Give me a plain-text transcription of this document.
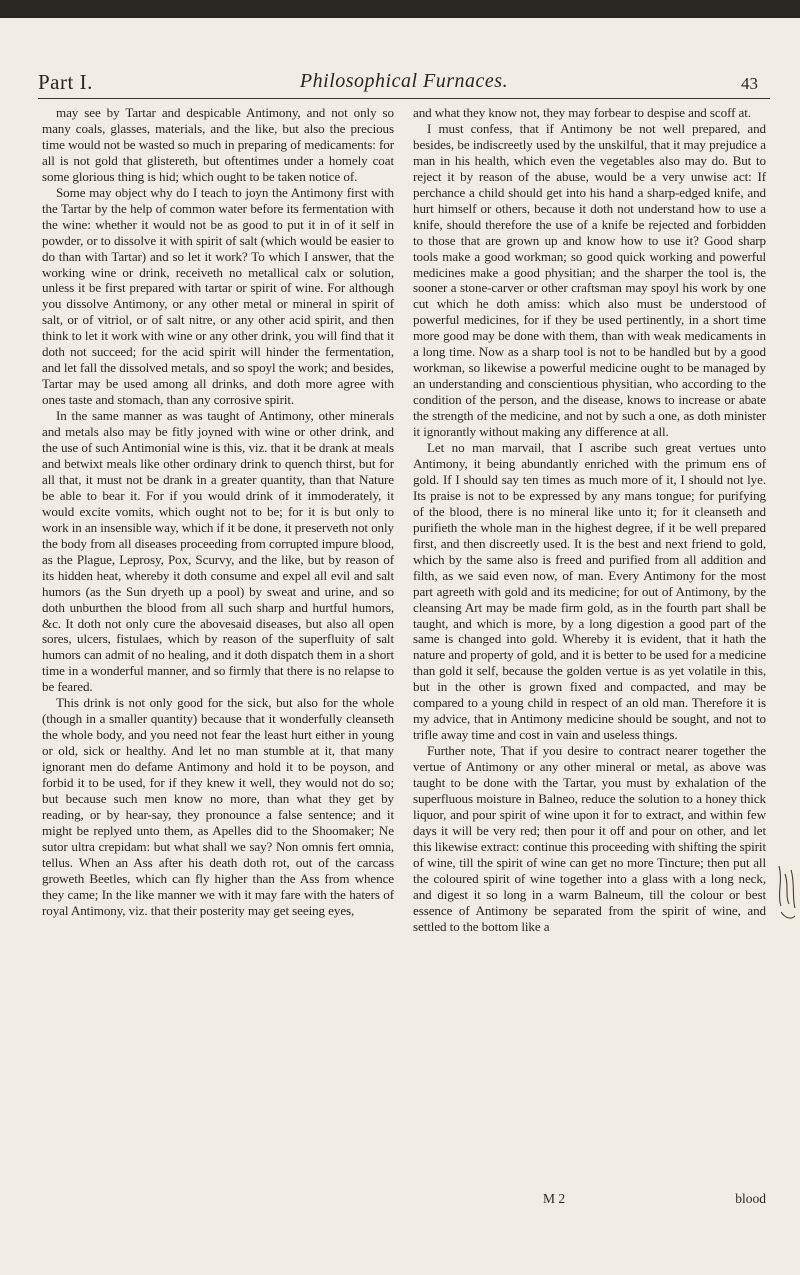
Part I.	Philosophical Furnaces.	43

may see by Tartar and despicable Antimony, and not only so many coals, glasses, materials, and the like, but also the precious time would not be wasted so much in preparing of medicaments: for all is not gold that glistereth, but oftentimes under a homely coat some glorious thing is hid; which ought to be taken notice of.

Some may object why do I teach to joyn the Antimony first with the Tartar by the help of common water before its fermentation with the wine: whether it would not be as good to put it in of it self in powder, or to dissolve it with spirit of salt (which would be easier to do than with Tartar) and so let it work? To which I answer, that the working wine or drink, receiveth no metallical calx or solution, unless it be first prepared with tartar or spirit of wine. For although you dissolve Antimony, or any other metal or mineral in spirit of salt, or of vitriol, or of salt nitre, or any other acid spirit, and then think to let it work with wine or any other drink, you will find that it doth not succeed; for the acid spirit will hinder the fermentation, and let fall the dissolved metals, and so spoyl the work; and besides, Tartar may be used among all drinks, and doth more agree with ones taste and stomach, than any corrosive spirit.

In the same manner as was taught of Antimony, other minerals and metals also may be fitly joyned with wine or other drink, and the use of such Antimonial wine is this, viz. that it be drank at meals and betwixt meals like other ordinary drink to quench thirst, but for all that, it must not be drank in a greater quantity, than that Nature be able to bear it. For if you would drink of it immoderately, it would excite vomits, which ought not to be; for it is but only to work in an insensible way, which if it be done, it preserveth not only the body from all diseases proceeding from corrupted impure blood, as the Plague, Leprosy, Pox, Scurvy, and the like, but by reason of its hidden heat, whereby it doth consume and expel all evil and salt humors (as the Sun dryeth up a pool) by sweat and urine, and so doth unburthen the blood from all such sharp and hurtful humors, &c. It doth not only cure the abovesaid diseases, but also all open sores, ulcers, fistulaes, which by reason of the superfluity of salt humors can admit of no healing, and it doth dispatch them in a short time in a wonderful manner, and so firmly that there is no relapse to be feared.

This drink is not only good for the sick, but also for the whole (though in a smaller quantity) because that it wonderfully cleanseth the whole body, and you need not fear the least hurt either in young or old, sick or healthy. And let no man stumble at it, that many ignorant men do defame Antimony and hold it to be poyson, and forbid it to be used, for if they knew it well, they would not do so; but because such men know no more, than what they get by reading, or by hear-say, they pronounce a false sentence; and it might be replyed unto them, as Apelles did to the Shoomaker; Ne sutor ultra crepidam: but what shall we say? Non omnis fert omnia, tellus. When an Ass after his death doth rot, out of the carcass groweth Beetles, which can fly higher than the Ass from whence they came; In the like manner we with it may fare with the haters of royal Antimony, viz. that their posterity may get seeing eyes,

and what they know not, they may forbear to despise and scoff at.

I must confess, that if Antimony be not well prepared, and besides, be indiscreetly used by the unskilful, that it may prejudice a man in his health, which even the vegetables also may do. But to reject it by reason of the abuse, would be a very unwise act: If perchance a child should get into his hand a sharp-edged knife, and hurt himself or others, because it doth not understand how to use a knife, should therefore the use of a knife be rejected and forbidden to those that are grown up and know how to use it? Good sharp tools make a good workman; so good quick working and powerful medicines make a good physitian; and the sharper the tool is, the sooner a stone-carver or other craftsman may spoyl his work by one cut which he doth amiss: which also must be understood of powerful medicines, for if they be used pertinently, in a short time more good may be done with them, than with weak medicaments in a long time. Now as a sharp tool is not to be handled but by a good workman, so likewise a powerful medicine ought to be managed by an understanding and conscientious physitian, who according to the condition of the person, and the disease, knows to increase or abate the strength of the medicine, and not by such a one, as doth minister it ignorantly without making any difference at all.

Let no man marvail, that I ascribe such great vertues unto Antimony, it being abundantly enriched with the primum ens of gold. If I should say ten times as much more of it, I should not lye. Its praise is not to be expressed by any mans tongue; for purifying of the blood, there is no mineral like unto it; for it cleanseth and purifieth the whole man in the highest degree, if it be well prepared first, and then discreetly used. It is the best and next friend to gold, which by the same also is freed and purified from all addition and filth, as we said even now, of man. Every Antimony for the most part agreeth with gold and its medicine; for out of Antimony, by the cleansing Art may be made firm gold, as in the fourth part shall be taught, and which is more, by a long digestion a good part of the same is changed into gold. Whereby it is evident, that it hath the nature and property of gold, and it is better to be used for a medicine than gold it self, because the golden vertue is as yet volatile in this, but in the other is grown fixed and compacted, and may be compared to a young child in respect of an old man. Therefore it is my advice, that in Antimony medicine should be sought, and not to trifle away time and cost in vain and useless things.

Further note, That if you desire to contract nearer together the vertue of Antimony or any other mineral or metal, as above was taught to be done with the Tartar, you must by exhalation of the superfluous moisture in Balneo, reduce the solution to a honey thick liquor, and pour spirit of wine upon it for to extract, and within few days it will be very red; then pour it off and pour on other, and let this likewise extract: continue this proceeding with shifting the spirit of wine, till the spirit of wine can get no more Tincture; then put all the coloured spirit of wine together into a glass with a long neck, and digest it so long in a warm Balneum, till the colour or best essence of Antimony be separated from the spirit of wine, and settled to the bottom like a

M 2	blood
